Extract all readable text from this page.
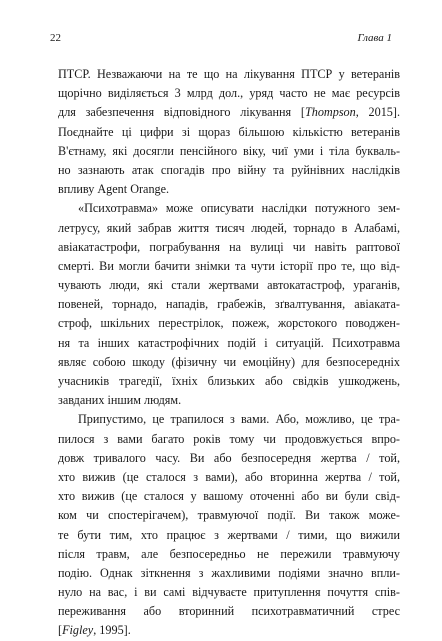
22	Глава 1
ПТСР. Незважаючи на те що на лікування ПТСР у ветеранів
щорічно виділяється 3 млрд дол., уряд часто не має ресурсів
для забезпечення відповідного лікування [Thompson, 2015].
Поєднайте ці цифри зі щораз більшою кількістю ветеранів
В'єтнаму, які досягли пенсійного віку, чиї уми і тіла букваль-
но зазнають атак спогадів про війну та руйнівних наслідків
впливу Agent Orange.
«Психотравма» може описувати наслідки потужного зем-
летрусу, який забрав життя тисяч людей, торнадо в Алабамі,
авіакатастрофи, пограбування на вулиці чи навіть раптової
смерті. Ви могли бачити знімки та чути історії про те, що від-
чувають люди, які стали жертвами автокатастроф, ураганів,
повеней, торнадо, нападів, грабежів, зґвалтування, авіаката-
строф, шкільних перестрілок, пожеж, жорстокого поводжен-
ня та інших катастрофічних подій і ситуацій. Психотравма
являє собою шкоду (фізичну чи емоційну) для безпосередніх
учасників трагедії, їхніх близьких або свідків ушкоджень,
завданих іншим людям.
Припустимо, це трапилося з вами. Або, можливо, це тра-
пилося з вами багато років тому чи продовжується впро-
довж тривалого часу. Ви або безпосередня жертва / той,
хто вижив (це сталося з вами), або вторинна жертва / той,
хто вижив (це сталося у вашому оточенні або ви були свід-
ком чи спостерігачем), травмуючої події. Ви також може-
те бути тим, хто працює з жертвами / тими, що вижили
після травм, але безпосередньо не пережили травмуючу
подію. Однак зіткнення з жахливими подіями значно впли-
нуло на вас, і ви самі відчуваєте притуплення почуття спів-
переживання або вторинний психотравматичний стрес
[Figley, 1995].
